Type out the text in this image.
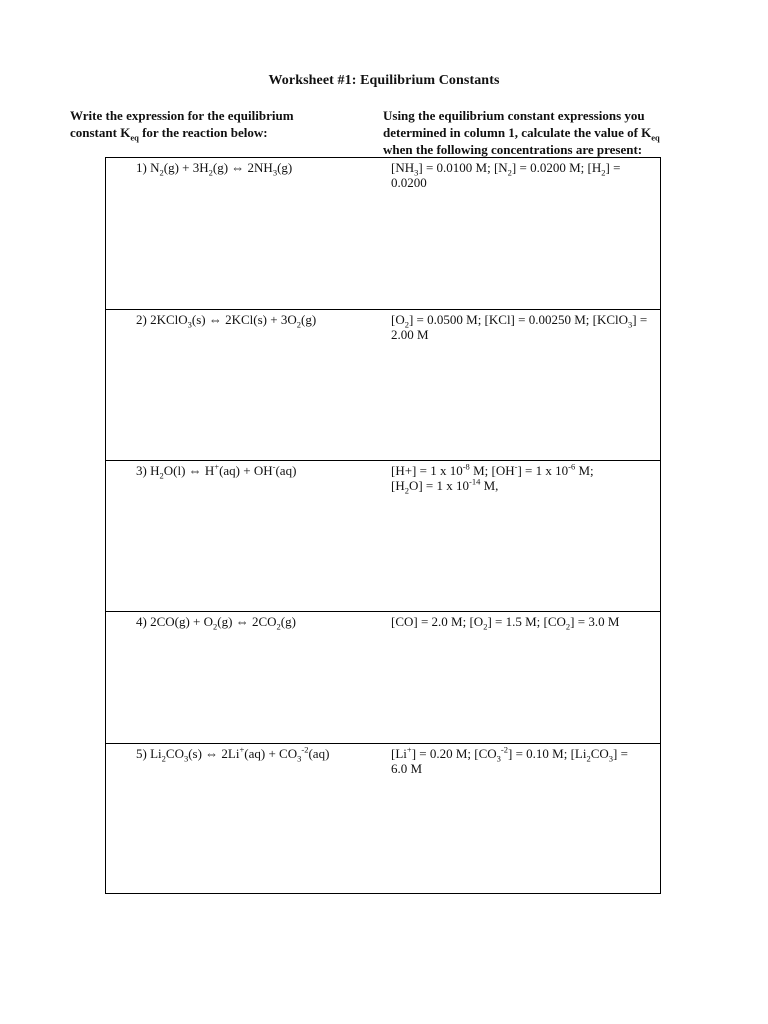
Worksheet #1: Equilibrium Constants
Write the expression for the equilibrium
constant $K_{eq}$ for the reaction below:
Using the equilibrium constant expressions you
determined in column 1, calculate the value of $K_{eq}$
when the following concentrations are present:
1) $N_2(g) + 3H_2(g)$ ⇔ $2NH_3(g)$	$[NH_3] = 0.0100$ M; $[N_2] = 0.0200$ M; $[H_2]$ =
0.0200
2) 2KClO$_3$(s) ⇔ $2KCl(s) + 3O_2(g)$	$[O_2] = 0.0500$ M; [KCl] = 0.00250 M; [KClO$_3$] =
2.00 M
3) $H_2O(l)$ ⇔ H+(aq) + OH-(aq)	[H+] = 1 x $10^{-8}$ M; [OH-] = 1 x $10^{-6}$ M;
$[H_2O] = 1$ x $10^{-14}$ M,
4) $2CO(g) + O_2(g)$ ⇔ $2CO_2(g)$	[CO] = 2.0 M; $[O_2] = 1.5$ M; $[CO_2] = 3.0$ M
5) $Li_2CO_3(s)$ ⇔ $2Li^+(aq) + CO_3^{-2}(aq)$	[Li+] = 0.20 M; $[CO_3^{-2}] = 0.10$ M; $[Li_2CO_3]$ =
6.0 M
